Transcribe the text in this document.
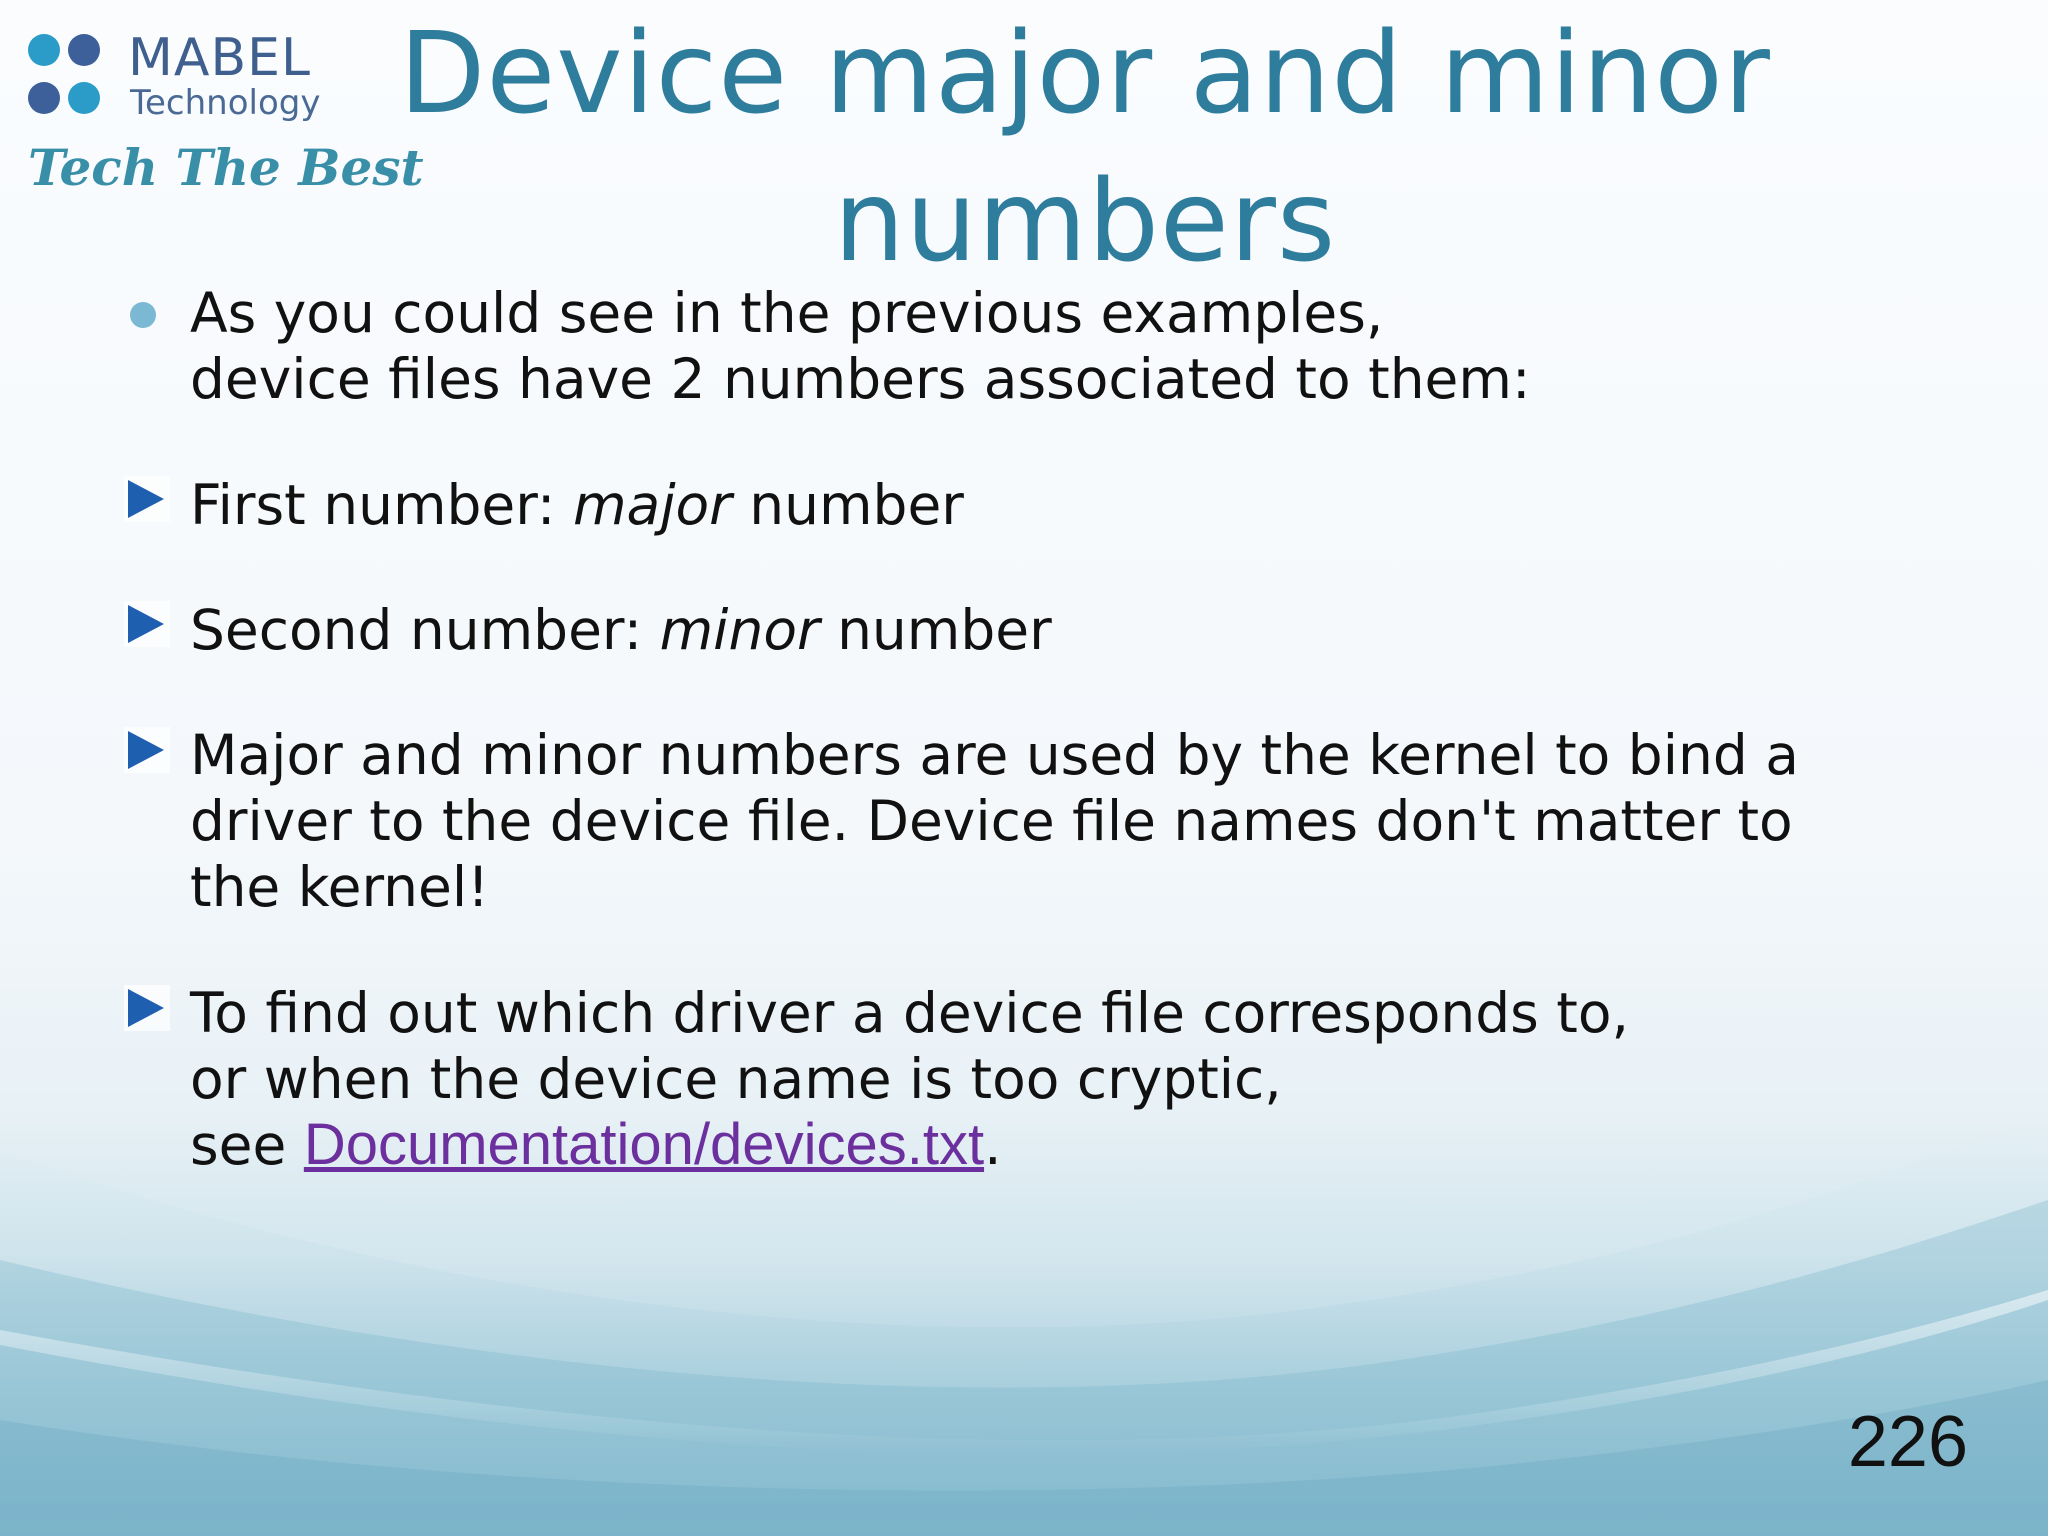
MABEL
Technology
Tech The Best
Device major and minor numbers

As you could see in the previous examples,

device files have 2 numbers associated to them:

First number: major number

Second number: minor number

Major and minor numbers are used by the kernel to bind a

driver to the device file. Device file names don't matter to

the kernel!

To find out which driver a device file corresponds to,

or when the device name is too cryptic,

see Documentation/devices.txt.

226
